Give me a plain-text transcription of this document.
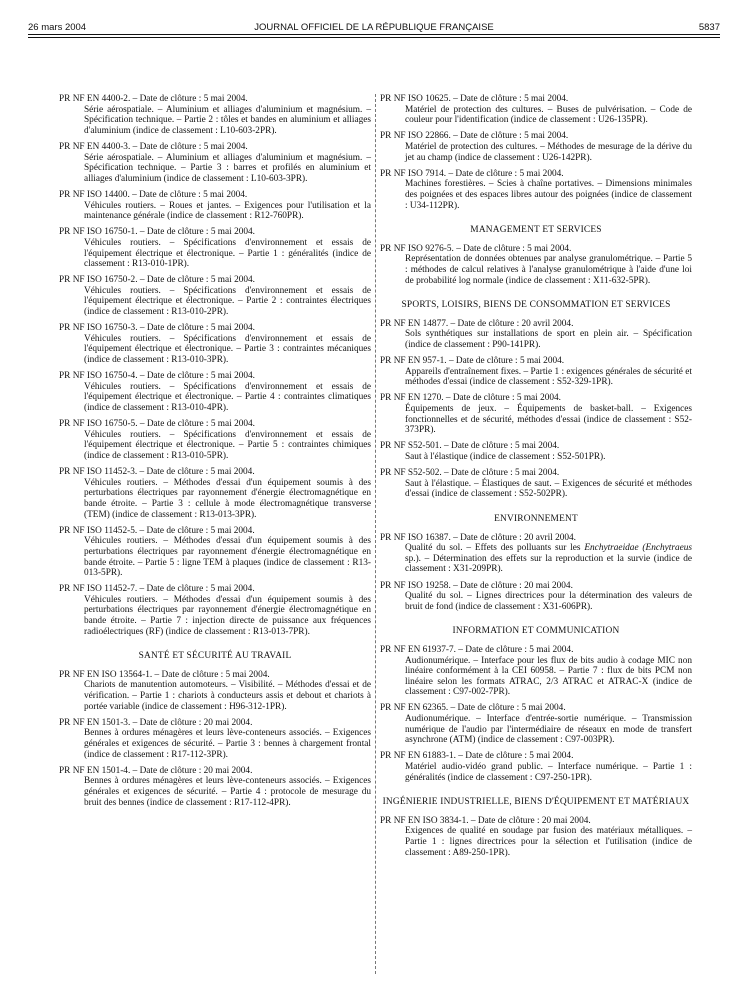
26 mars 2004	JOURNAL OFFICIEL DE LA RÉPUBLIQUE FRANÇAISE	5837
PR NF EN 4400-2. – Date de clôture : 5 mai 2004.
Série aérospatiale. – Aluminium et alliages d'aluminium et magnésium. – Spécification technique. – Partie 2 : tôles et bandes en aluminium et alliages d'aluminium (indice de classement : L10-603-2PR).
PR NF EN 4400-3. – Date de clôture : 5 mai 2004.
Série aérospatiale. – Aluminium et alliages d'aluminium et magnésium. – Spécification technique. – Partie 3 : barres et profilés en aluminium et alliages d'aluminium (indice de classement : L10-603-3PR).
PR NF ISO 14400. – Date de clôture : 5 mai 2004.
Véhicules routiers. – Roues et jantes. – Exigences pour l'utilisation et la maintenance générale (indice de classement : R12-760PR).
PR NF ISO 16750-1. – Date de clôture : 5 mai 2004.
Véhicules routiers. – Spécifications d'environnement et essais de l'équipement électrique et électronique. – Partie 1 : généralités (indice de classement : R13-010-1PR).
PR NF ISO 16750-2. – Date de clôture : 5 mai 2004.
Véhicules routiers. – Spécifications d'environnement et essais de l'équipement électrique et électronique. – Partie 2 : contraintes électriques (indice de classement : R13-010-2PR).
PR NF ISO 16750-3. – Date de clôture : 5 mai 2004.
Véhicules routiers. – Spécifications d'environnement et essais de l'équipement électrique et électronique. – Partie 3 : contraintes mécaniques (indice de classement : R13-010-3PR).
PR NF ISO 16750-4. – Date de clôture : 5 mai 2004.
Véhicules routiers. – Spécifications d'environnement et essais de l'équipement électrique et électronique. – Partie 4 : contraintes climatiques (indice de classement : R13-010-4PR).
PR NF ISO 16750-5. – Date de clôture : 5 mai 2004.
Véhicules routiers. – Spécifications d'environnement et essais de l'équipement électrique et électronique. – Partie 5 : contraintes chimiques (indice de classement : R13-010-5PR).
PR NF ISO 11452-3. – Date de clôture : 5 mai 2004.
Véhicules routiers. – Méthodes d'essai d'un équipement soumis à des perturbations électriques par rayonnement d'énergie électromagnétique en bande étroite. – Partie 3 : cellule à mode électromagnétique transverse (TEM) (indice de classement : R13-013-3PR).
PR NF ISO 11452-5. – Date de clôture : 5 mai 2004.
Véhicules routiers. – Méthodes d'essai d'un équipement soumis à des perturbations électriques par rayonnement d'énergie électromagnétique en bande étroite. – Partie 5 : ligne TEM à plaques (indice de classement : R13-013-5PR).
PR NF ISO 11452-7. – Date de clôture : 5 mai 2004.
Véhicules routiers. – Méthodes d'essai d'un équipement soumis à des perturbations électriques par rayonnement d'énergie électromagnétique en bande étroite. – Partie 7 : injection directe de puissance aux fréquences radioélectriques (RF) (indice de classement : R13-013-7PR).
SANTÉ ET SÉCURITÉ AU TRAVAIL
PR NF EN ISO 13564-1. – Date de clôture : 5 mai 2004.
Chariots de manutention automoteurs. – Visibilité. – Méthodes d'essai et de vérification. – Partie 1 : chariots à conducteurs assis et debout et chariots à portée variable (indice de classement : H96-312-1PR).
PR NF EN 1501-3. – Date de clôture : 20 mai 2004.
Bennes à ordures ménagères et leurs lève-conteneurs associés. – Exigences générales et exigences de sécurité. – Partie 3 : bennes à chargement frontal (indice de classement : R17-112-3PR).
PR NF EN 1501-4. – Date de clôture : 20 mai 2004.
Bennes à ordures ménagères et leurs lève-conteneurs associés. – Exigences générales et exigences de sécurité. – Partie 4 : protocole de mesurage du bruit des bennes (indice de classement : R17-112-4PR).
PR NF ISO 10625. – Date de clôture : 5 mai 2004.
Matériel de protection des cultures. – Buses de pulvérisation. – Code de couleur pour l'identification (indice de classement : U26-135PR).
PR NF ISO 22866. – Date de clôture : 5 mai 2004.
Matériel de protection des cultures. – Méthodes de mesurage de la dérive du jet au champ (indice de classement : U26-142PR).
PR NF ISO 7914. – Date de clôture : 5 mai 2004.
Machines forestières. – Scies à chaîne portatives. – Dimensions minimales des poignées et des espaces libres autour des poignées (indice de classement : U34-112PR).
MANAGEMENT ET SERVICES
PR NF ISO 9276-5. – Date de clôture : 5 mai 2004.
Représentation de données obtenues par analyse granulométrique. – Partie 5 : méthodes de calcul relatives à l'analyse granulométrique à l'aide d'une loi de probabilité log normale (indice de classement : X11-632-5PR).
SPORTS, LOISIRS, BIENS DE CONSOMMATION ET SERVICES
PR NF EN 14877. – Date de clôture : 20 avril 2004.
Sols synthétiques sur installations de sport en plein air. – Spécification (indice de classement : P90-141PR).
PR NF EN 957-1. – Date de clôture : 5 mai 2004.
Appareils d'entraînement fixes. – Partie 1 : exigences générales de sécurité et méthodes d'essai (indice de classement : S52-329-1PR).
PR NF EN 1270. – Date de clôture : 5 mai 2004.
Équipements de jeux. – Équipements de basket-ball. – Exigences fonctionnelles et de sécurité, méthodes d'essai (indice de classement : S52-373PR).
PR NF S52-501. – Date de clôture : 5 mai 2004.
Saut à l'élastique (indice de classement : S52-501PR).
PR NF S52-502. – Date de clôture : 5 mai 2004.
Saut à l'élastique. – Élastiques de saut. – Exigences de sécurité et méthodes d'essai (indice de classement : S52-502PR).
ENVIRONNEMENT
PR NF ISO 16387. – Date de clôture : 20 avril 2004.
Qualité du sol. – Effets des polluants sur les Enchytraeidae (Enchytraeus sp.). – Détermination des effets sur la reproduction et la survie (indice de classement : X31-209PR).
PR NF ISO 19258. – Date de clôture : 20 mai 2004.
Qualité du sol. – Lignes directrices pour la détermination des valeurs de bruit de fond (indice de classement : X31-606PR).
INFORMATION ET COMMUNICATION
PR NF EN 61937-7. – Date de clôture : 5 mai 2004.
Audionumérique. – Interface pour les flux de bits audio à codage MIC non linéaire conformément à la CEI 60958. – Partie 7 : flux de bits PCM non linéaire selon les formats ATRAC, 2/3 ATRAC et ATRAC-X (indice de classement : C97-002-7PR).
PR NF EN 62365. – Date de clôture : 5 mai 2004.
Audionumérique. – Interface d'entrée-sortie numérique. – Transmission numérique de l'audio par l'intermédiaire de réseaux en mode de transfert asynchrone (ATM) (indice de classement : C97-003PR).
PR NF EN 61883-1. – Date de clôture : 5 mai 2004.
Matériel audio-vidéo grand public. – Interface numérique. – Partie 1 : généralités (indice de classement : C97-250-1PR).
INGÉNIERIE INDUSTRIELLE, BIENS D'ÉQUIPEMENT ET MATÉRIAUX
PR NF EN ISO 3834-1. – Date de clôture : 20 mai 2004.
Exigences de qualité en soudage par fusion des matériaux métalliques. – Partie 1 : lignes directrices pour la sélection et l'utilisation (indice de classement : A89-250-1PR).
